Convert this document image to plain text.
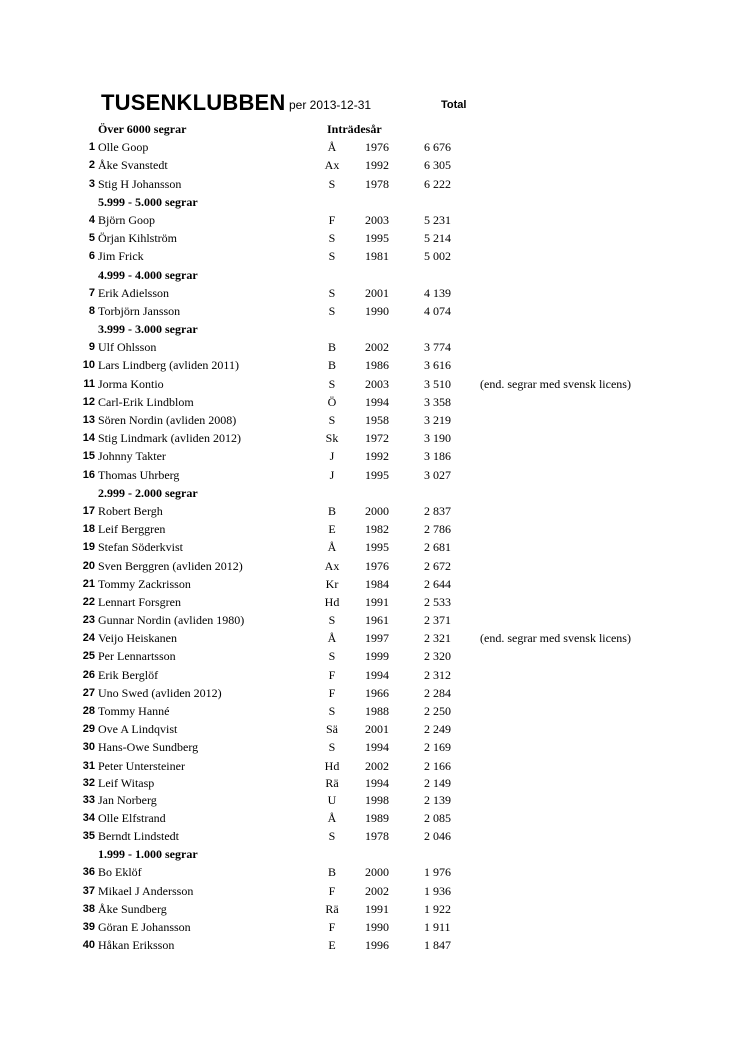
TUSENKLUBBEN per 2013-12-31	Total
Över 6000 segrar	Inträdesår
1 Olle Goop	Å	1976	6 676
2 Åke Svanstedt	Ax	1992	6 305
3 Stig H Johansson	S	1978	6 222
5.999 - 5.000 segrar
4 Björn Goop	F	2003	5 231
5 Örjan Kihlström	S	1995	5 214
6 Jim Frick	S	1981	5 002
4.999 - 4.000 segrar
7 Erik Adielsson	S	2001	4 139
8 Torbjörn Jansson	S	1990	4 074
3.999 - 3.000 segrar
9 Ulf Ohlsson	B	2002	3 774
10 Lars Lindberg (avliden 2011)	B	1986	3 616
11 Jorma Kontio	S	2003	3 510 (end. segrar med svensk licens)
12 Carl-Erik Lindblom	Ö	1994	3 358
13 Sören Nordin (avliden 2008)	S	1958	3 219
14 Stig Lindmark (avliden 2012)	Sk	1972	3 190
15 Johnny Takter	J	1992	3 186
16 Thomas Uhrberg	J	1995	3 027
2.999 - 2.000 segrar
17 Robert Bergh	B	2000	2 837
18 Leif Berggren	E	1982	2 786
19 Stefan Söderkvist	Å	1995	2 681
20 Sven Berggren (avliden 2012)	Ax	1976	2 672
21 Tommy Zackrisson	Kr	1984	2 644
22 Lennart Forsgren	Hd	1991	2 533
23 Gunnar Nordin (avliden 1980)	S	1961	2 371
24 Veijo Heiskanen	Å	1997	2 321 (end. segrar med svensk licens)
25 Per Lennartsson	S	1999	2 320
26 Erik Berglöf	F	1994	2 312
27 Uno Swed (avliden 2012)	F	1966	2 284
28 Tommy Hanné	S	1988	2 250
29 Ove A Lindqvist	Sä	2001	2 249
30 Hans-Owe Sundberg	S	1994	2 169
31 Peter Untersteiner	Hd	2002	2 166
32 Leif Witasp	Rä	1994	2 149
33 Jan Norberg	U	1998	2 139
34 Olle Elfstrand	Å	1989	2 085
35 Berndt Lindstedt	S	1978	2 046
1.999 - 1.000 segrar
36 Bo Eklöf	B	2000	1 976
37 Mikael J Andersson	F	2002	1 936
38 Åke Sundberg	Rä	1991	1 922
39 Göran E Johansson	F	1990	1 911
40 Håkan Eriksson	E	1996	1 847
